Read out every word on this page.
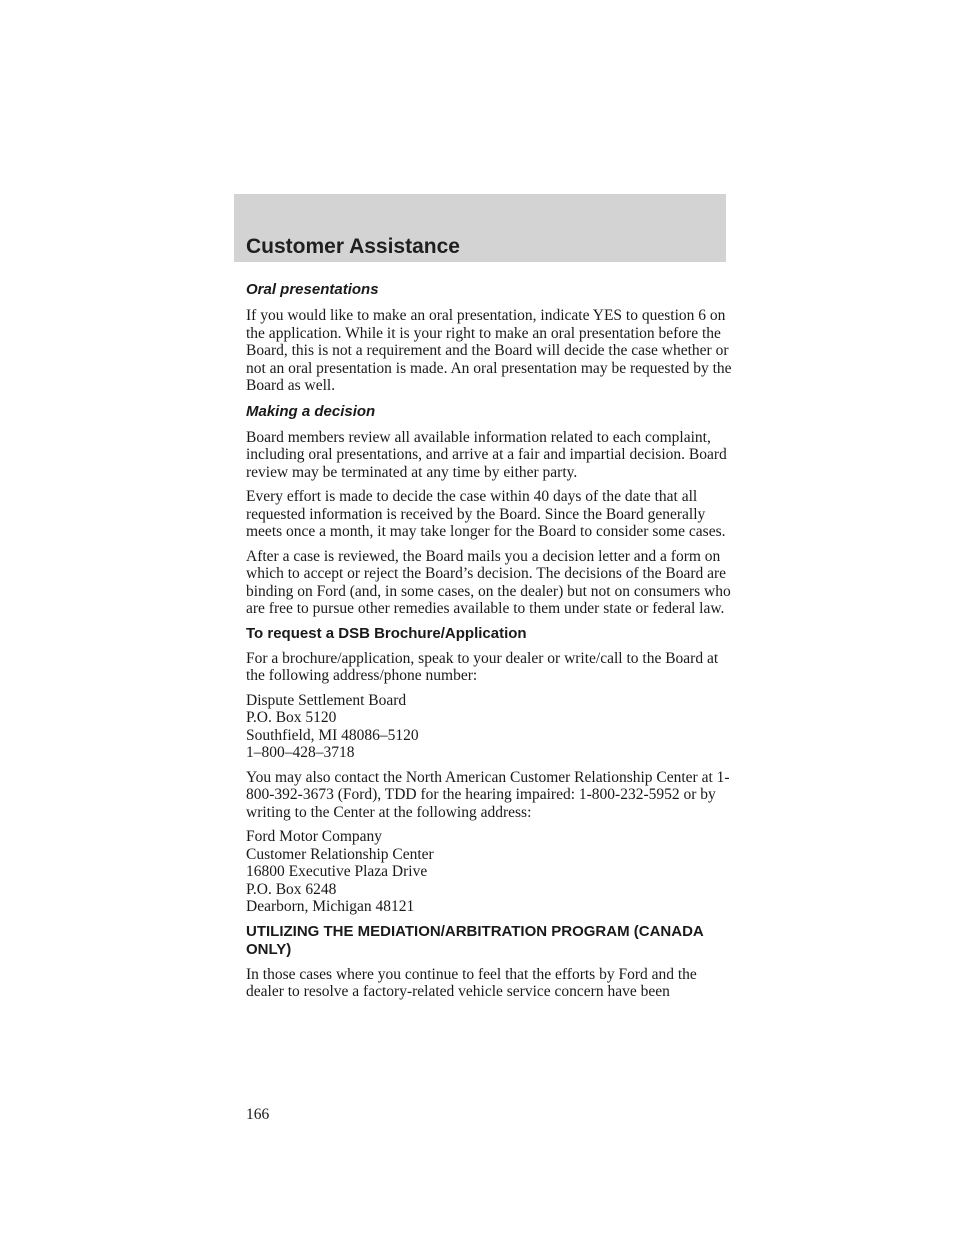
Customer Assistance
Oral presentations

If you would like to make an oral presentation, indicate YES to question 6 on the application. While it is your right to make an oral presentation before the Board, this is not a requirement and the Board will decide the case whether or not an oral presentation is made. An oral presentation may be requested by the Board as well.

Making a decision

Board members review all available information related to each complaint, including oral presentations, and arrive at a fair and impartial decision. Board review may be terminated at any time by either party.

Every effort is made to decide the case within 40 days of the date that all requested information is received by the Board. Since the Board generally meets once a month, it may take longer for the Board to consider some cases.

After a case is reviewed, the Board mails you a decision letter and a form on which to accept or reject the Board’s decision. The decisions of the Board are binding on Ford (and, in some cases, on the dealer) but not on consumers who are free to pursue other remedies available to them under state or federal law.

To request a DSB Brochure/Application

For a brochure/application, speak to your dealer or write/call to the Board at the following address/phone number:

Dispute Settlement Board
P.O. Box 5120
Southfield, MI 48086–5120
1–800–428–3718

You may also contact the North American Customer Relationship Center at 1-800-392-3673 (Ford), TDD for the hearing impaired: 1-800-232-5952 or by writing to the Center at the following address:

Ford Motor Company
Customer Relationship Center
16800 Executive Plaza Drive
P.O. Box 6248
Dearborn, Michigan 48121

UTILIZING THE MEDIATION/ARBITRATION PROGRAM (CANADA ONLY)

In those cases where you continue to feel that the efforts by Ford and the dealer to resolve a factory-related vehicle service concern have been

166
